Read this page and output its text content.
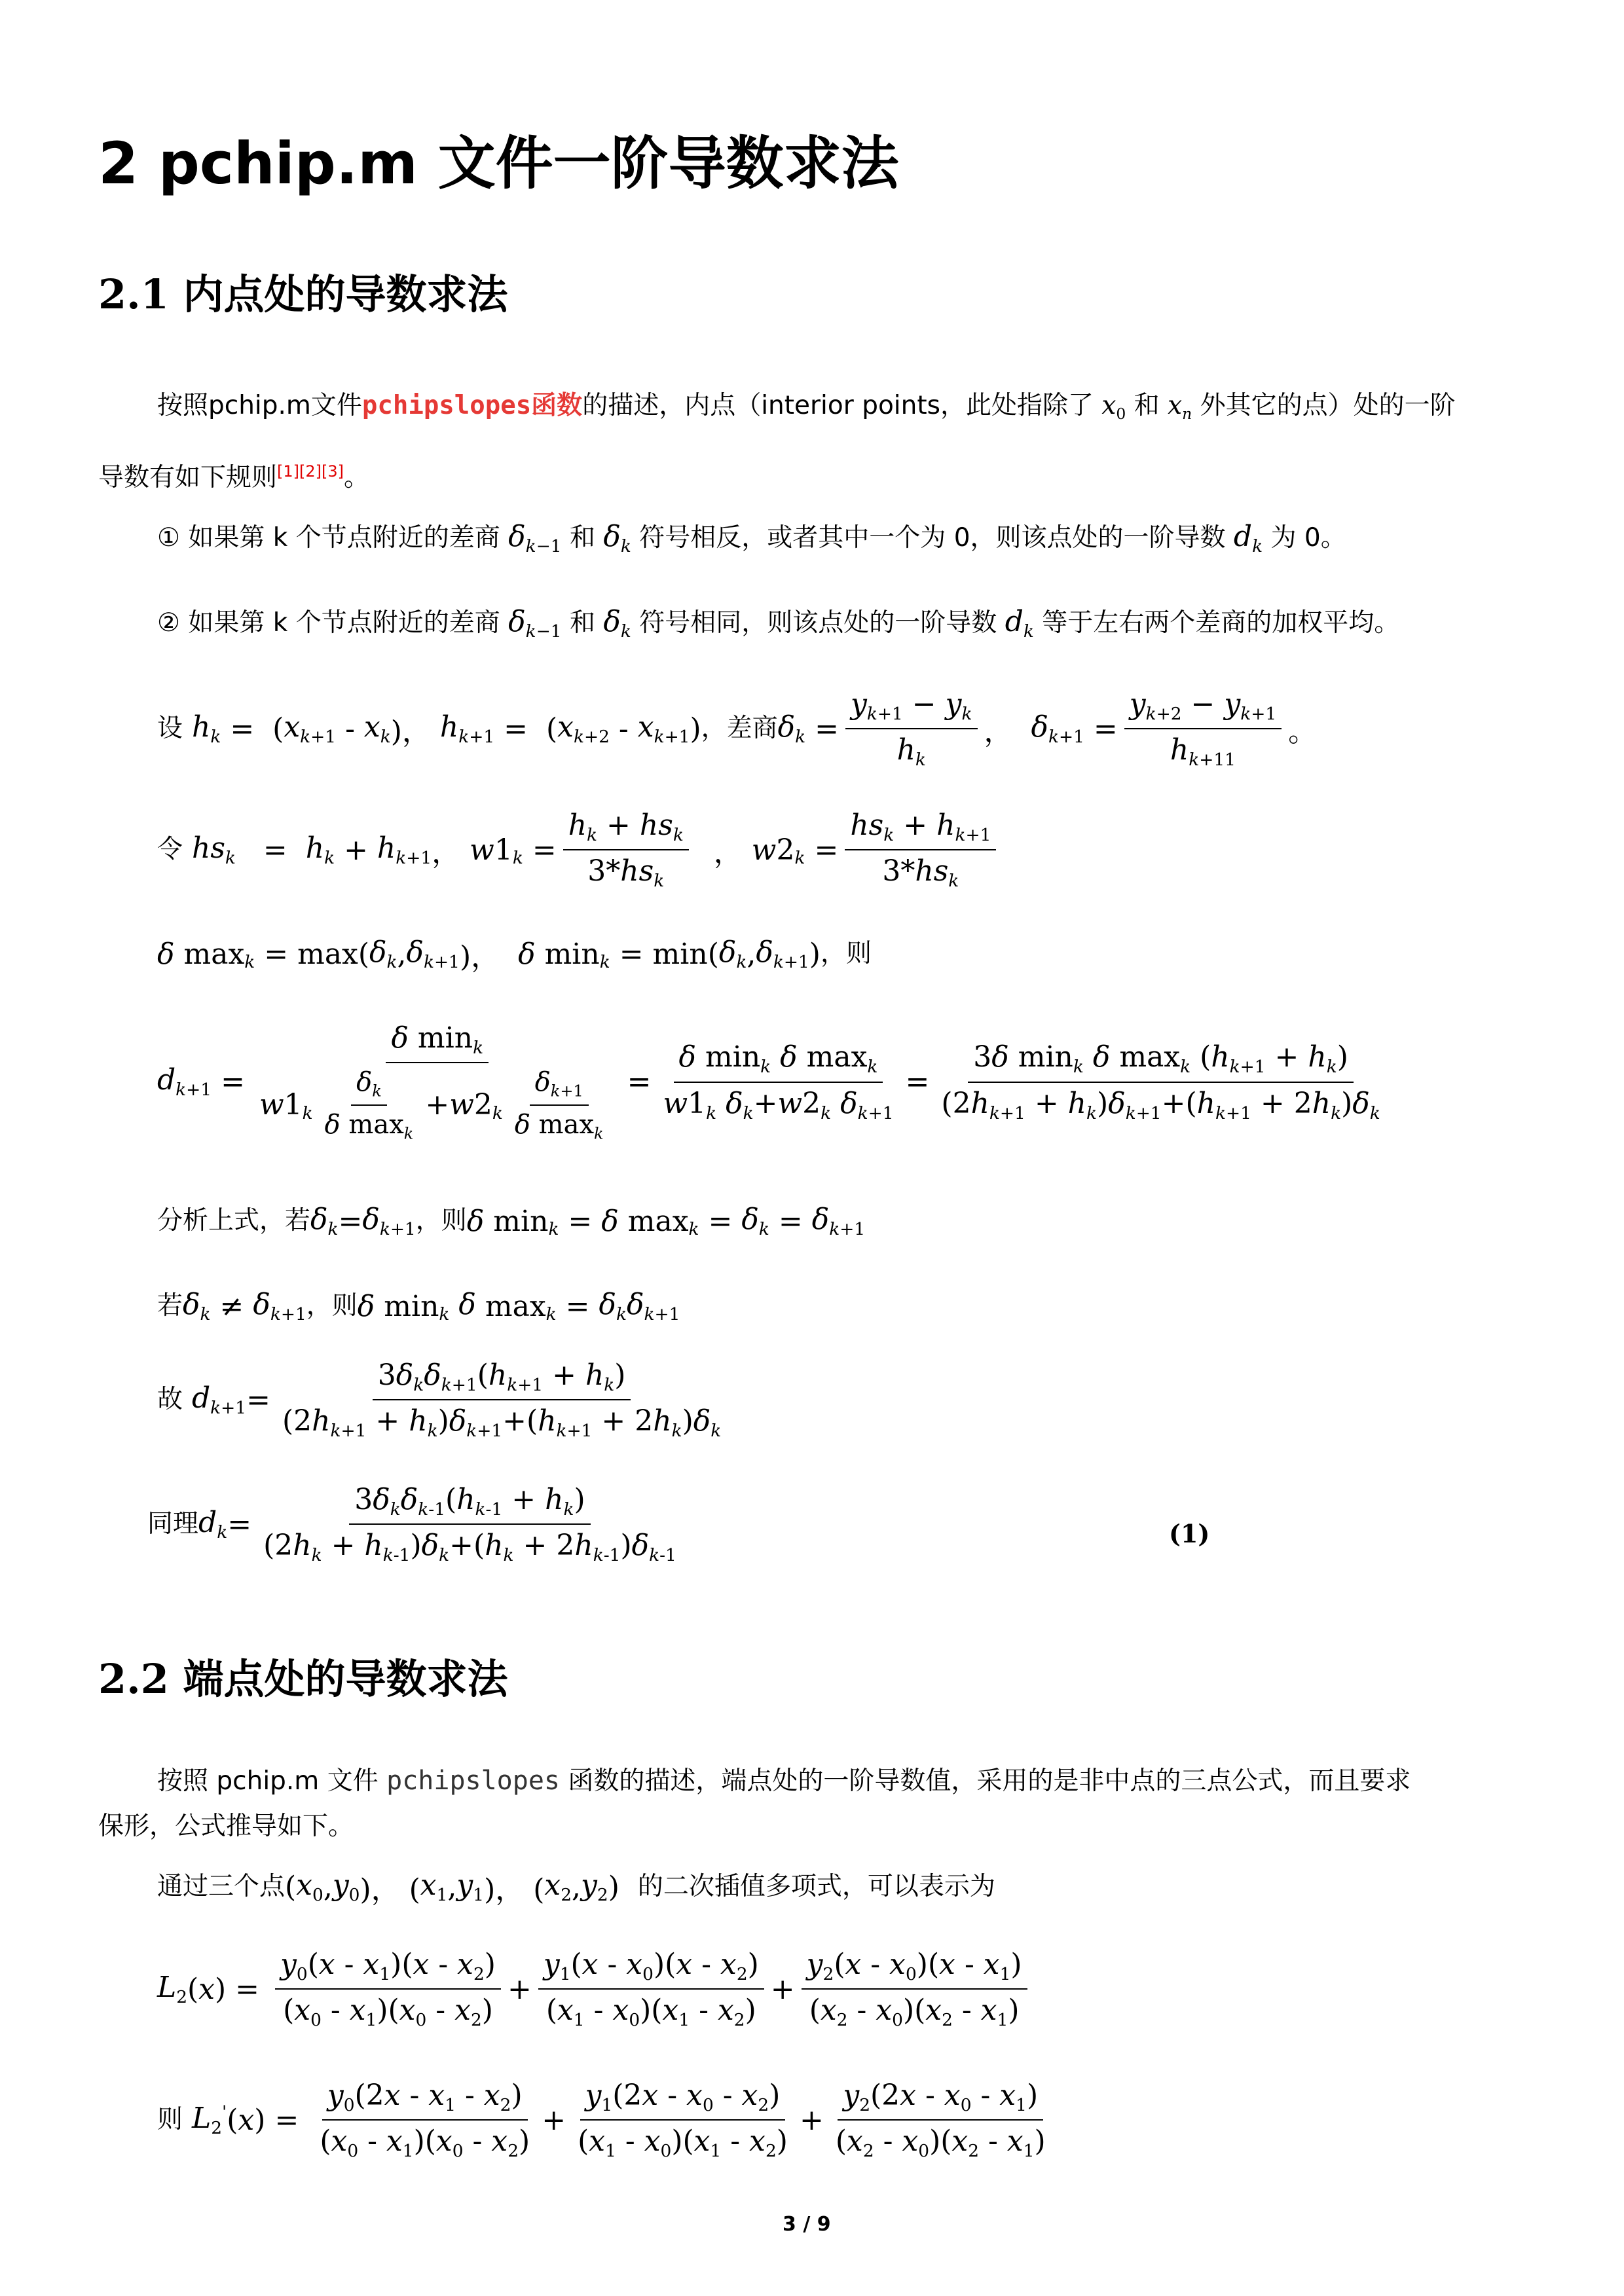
2 pchip.m 文件一阶导数求法
2.1 内点处的导数求法
按照pchip.m文件pchipslopes函数的描述，内点（interior points，此处指除了 $x_0$ 和 $x_n$ 外其它的点）处的一阶
导数有如下规则[1][2][3]。
① 如果第 k 个节点附近的差商 $\delta_{k-1}$ 和 $\delta_k$ 符号相反，或者其中一个为 0，则该点处的一阶导数 $d_k$ 为 0。
② 如果第 k 个节点附近的差商 $\delta_{k-1}$ 和 $\delta_k$ 符号相同，则该点处的一阶导数 $d_k$ 等于左右两个差商的加权平均。
设 $h_k$ =  ( $x_{k+1} - x_k$ )， $h_{k+1}$ =  ( $x_{k+2} - x_{k+1}$ ) ，差商 $\delta_k = \frac{y_{k+1} - y_k}{h_k}$ ， $\delta_{k+1} = \frac{y_{k+2} - y_{k+1}}{h_{k+11}}$ 。
令 $hs_k = h_k + h_{k+1}$ ， w 1 $_k = \frac{h_k + hs_k}{3*hs_k}$ ， w 2 $_k = \frac{hs_k + h_{k+1}}{3*hs_k}$
δ max $_k$ = max( $\delta_k$ , $\delta_{k+1}$ )， δ min $_k$ = min( $\delta_k$ , $\delta_{k+1}$ ) ，则
$d_{k+1} = \frac{\delta \min_k}{w 1 _k \frac{\delta_k}{\delta \max_k} + w 2 _k \frac{\delta_{k+1}}{\delta \max_k}} = \frac{\delta \min_k \delta \max_k}{w1_k \delta_k+w2_k \delta_{k+1}} = \frac{3\delta \min_k \delta \max_k (h_{k+1} + h_k)}{(2h_{k+1} + h_k)\delta_{k+1}+(h_{k+1} + 2h_k)\delta_k}$
分析上式，若 $\delta_k = \delta_{k+1}$ ，则 δ min $_k$ = δ $\max _k = \delta_k = \delta_{k+1}$
若 $\delta_k \ne \delta_{k+1}$ ，则 δ min $_k$ δ $\max _k = \delta_k\delta_{k+1}$
故 $d_{k+1} = \frac{3\delta_k\delta_{k+1}(h_{k+1} + h_k)}{(2h_{k+1} + h_k)\delta_{k+1}+(h_{k+1} + 2h_k)\delta_k}$
同理 $d_k = \frac{3\delta_k\delta_{k-1}(h_{k-1} + h_k)}{(2h_k + h_{k-1})\delta_k+(h_k + 2h_{k-1})\delta_{k-1}}$	(1)
2.2 端点处的导数求法
按照 pchip.m 文件 pchipslopes 函数的描述，端点处的一阶导数值，采用的是非中点的三点公式，而且要求
保形，公式推导如下。
通过三个点 ( $x_0$ , $y_0$ )， ( $x_1$ , $y_1$ )， ( $x_2$ , $y_2$ ) 的二次插值多项式，可以表示为
$L_2$ ( x ) = $\frac{y_0(x - x_1)(x - x_2)}{(x_0 - x_1)(x_0 - x_2)} + \frac{y_1(x - x_0)(x - x_2)}{(x_1 - x_0)(x_1 - x_2)} + \frac{y_2(x - x_0)(x - x_1)}{(x_2 - x_0)(x_2 - x_1)}$
则 $L_2'$ ( x ) = $\frac{y_0(2x - x_1 - x_2)}{(x_0 - x_1)(x_0 - x_2)} + \frac{y_1(2x - x_0 - x_2)}{(x_1 - x_0)(x_1 - x_2)} + \frac{y_2(2x - x_0 - x_1)}{(x_2 - x_0)(x_2 - x_1)}$
3 / 9
